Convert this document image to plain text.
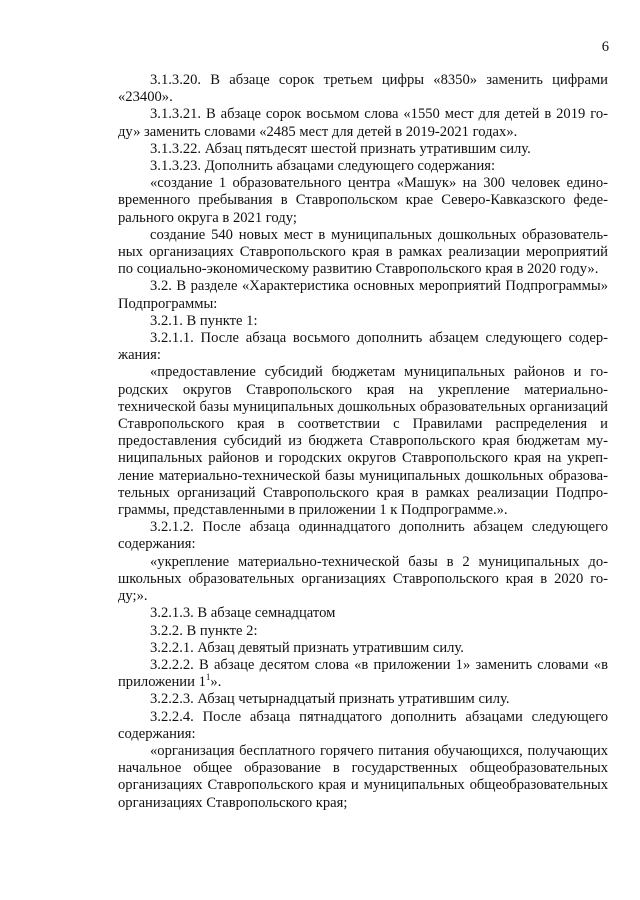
6

3.1.3.20. В абзаце сорок третьем цифры «8350» заменить цифрами «23400».

3.1.3.21. В абзаце сорок восьмом слова «1550 мест для детей в 2019 году» заменить словами «2485 мест для детей в 2019-2021 годах».

3.1.3.22. Абзац пятьдесят шестой признать утратившим силу.

3.1.3.23. Дополнить абзацами следующего содержания:

«создание 1 образовательного центра «Машук» на 300 человек единовременного пребывания в Ставропольском крае Северо-Кавказского федерального округа в 2021 году;

создание 540 новых мест в муниципальных дошкольных образовательных организациях Ставропольского края в рамках реализации мероприятий по социально-экономическому развитию Ставропольского края в 2020 году».

3.2. В разделе «Характеристика основных мероприятий Подпрограммы» Подпрограммы:

3.2.1. В пункте 1:

3.2.1.1. После абзаца восьмого дополнить абзацем следующего содержания:

«предоставление субсидий бюджетам муниципальных районов и городских округов Ставропольского края на укрепление материально-технической базы муниципальных дошкольных образовательных организаций Ставропольского края в соответствии с Правилами распределения и предоставления субсидий из бюджета Ставропольского края бюджетам муниципальных районов и городских округов Ставропольского края на укрепление материально-технической базы муниципальных дошкольных образовательных организаций Ставропольского края в рамках реализации Подпрограммы, представленными в приложении 1 к Подпрограмме.».

3.2.1.2. После абзаца одиннадцатого дополнить абзацем следующего содержания:

«укрепление материально-технической базы в 2 муниципальных дошкольных образовательных организациях Ставропольского края в 2020 году;».

3.2.1.3. В абзаце семнадцатом

3.2.2. В пункте 2:

3.2.2.1. Абзац девятый признать утратившим силу.

3.2.2.2. В абзаце десятом слова «в приложении 1» заменить словами «в приложении $1^1$».

3.2.2.3. Абзац четырнадцатый признать утратившим силу.

3.2.2.4. После абзаца пятнадцатого дополнить абзацами следующего содержания:

«организация бесплатного горячего питания обучающихся, получающих начальное общее образование в государственных общеобразовательных организациях Ставропольского края и муниципальных общеобразовательных организациях Ставропольского края;
